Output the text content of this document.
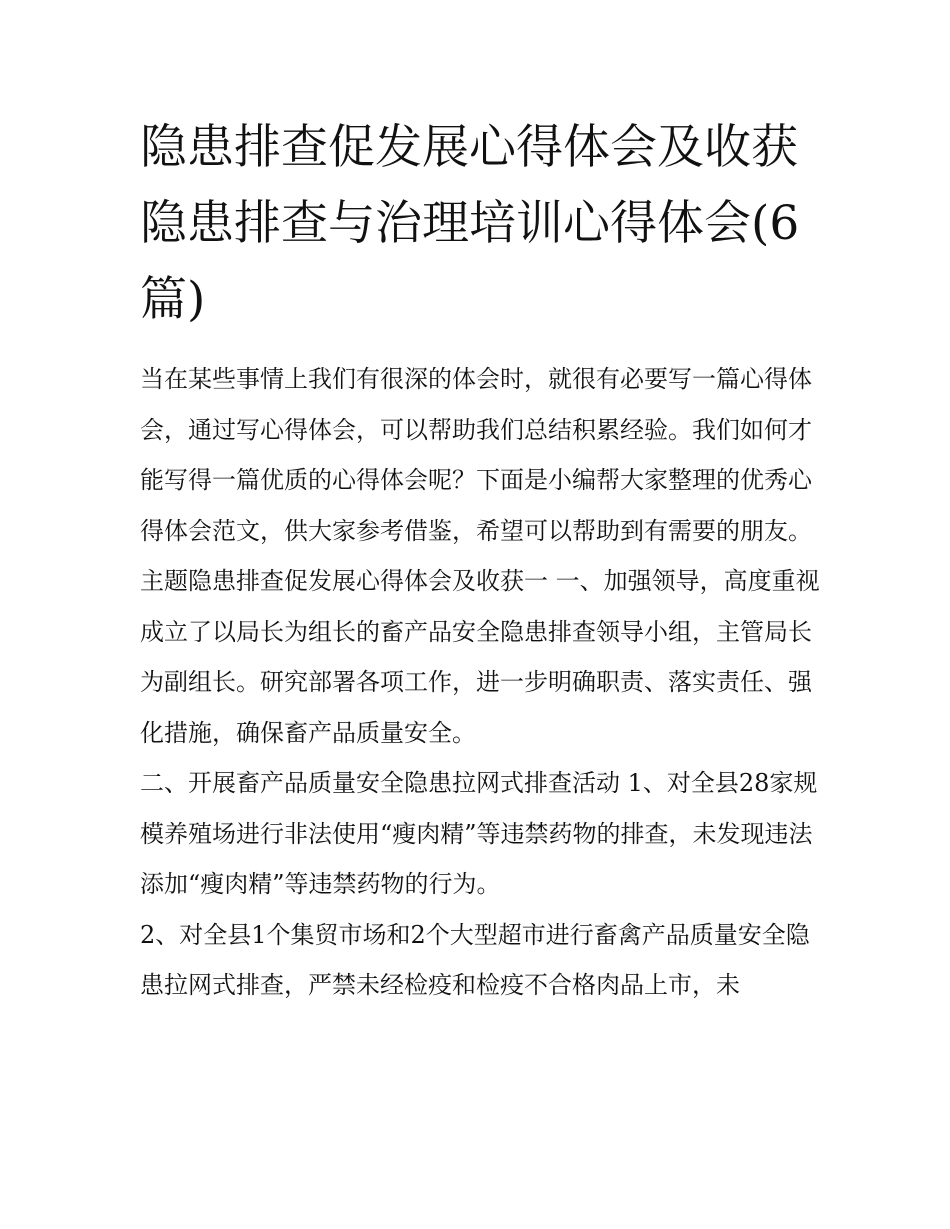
隐患排查促发展心得体会及收获 隐患排查与治理培训心得体会(6篇)

当在某些事情上我们有很深的体会时，就很有必要写一篇心得体会，通过写心得体会，可以帮助我们总结积累经验。我们如何才能写得一篇优质的心得体会呢？下面是小编帮大家整理的优秀心得体会范文，供大家参考借鉴，希望可以帮助到有需要的朋友。

主题隐患排查促发展心得体会及收获一 一、加强领导，高度重视

成立了以局长为组长的畜产品安全隐患排查领导小组，主管局长为副组长。研究部署各项工作，进一步明确职责、落实责任、强化措施，确保畜产品质量安全。

二、开展畜产品质量安全隐患拉网式排查活动 1、对全县28家规模养殖场进行非法使用“瘦肉精”等违禁药物的排查，未发现违法添加“瘦肉精”等违禁药物的行为。

2、对全县1个集贸市场和2个大型超市进行畜禽产品质量安全隐患拉网式排查，严禁未经检疫和检疫不合格肉品上市，未
